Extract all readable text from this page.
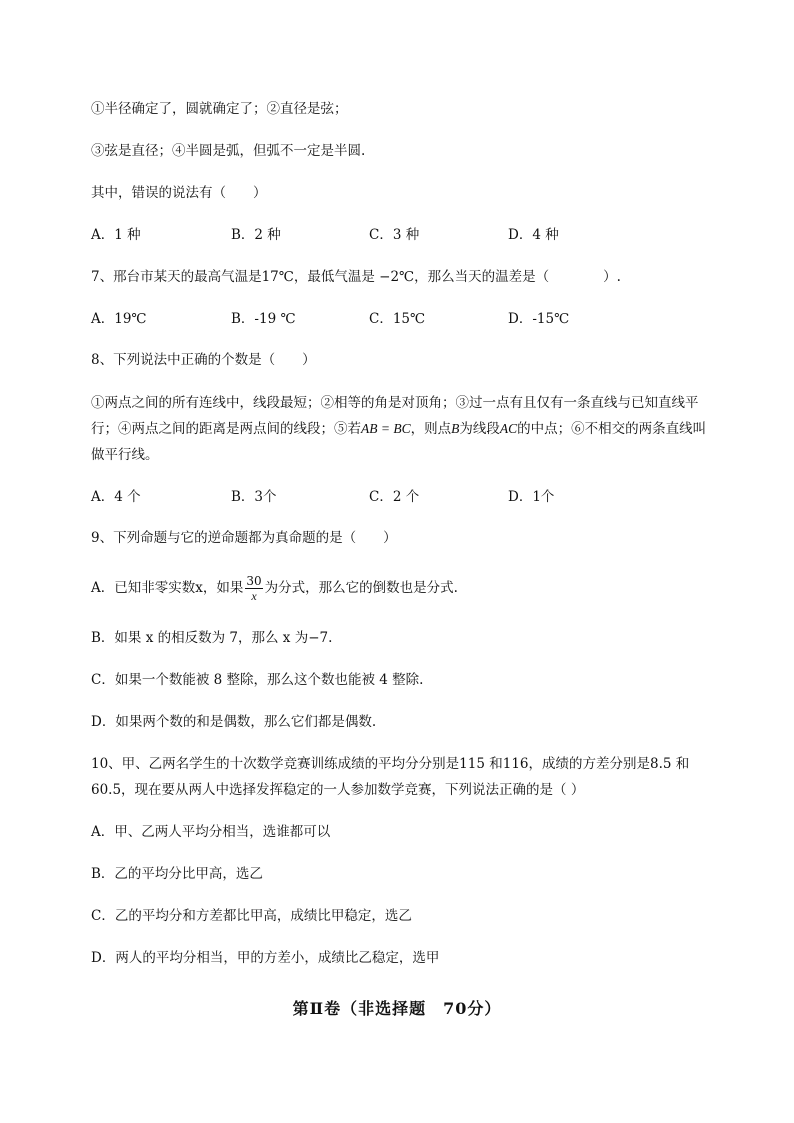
①半径确定了，圆就确定了；②直径是弦；
③弦是直径；④半圆是弧，但弧不一定是半圆.
其中，错误的说法有（　　）
A．1 种	B．2 种	C．3 种	D．4 种
7、邢台市某天的最高气温是17℃，最低气温是 −2℃，那么当天的温差是（　　　　）.
A．19℃	B．-19 ℃	C．15℃	D．-15℃
8、下列说法中正确的个数是（　　）
①两点之间的所有连线中，线段最短；②相等的角是对顶角；③过一点有且仅有一条直线与已知直线平行；④两点之间的距离是两点间的线段；⑤若AB = BC，则点B为线段AC的中点；⑥不相交的两条直线叫做平行线。
A．4 个	B．3个	C．2 个	D．1个
9、下列命题与它的逆命题都为真命题的是（　　）
A．已知非零实数x，如果 $\frac{30}{x}$ 为分式，那么它的倒数也是分式.
B．如果 x 的相反数为 7，那么 x 为−7.
C．如果一个数能被 8 整除，那么这个数也能被 4 整除.
D．如果两个数的和是偶数，那么它们都是偶数.
10、甲、乙两名学生的十次数学竞赛训练成绩的平均分分别是115 和116，成绩的方差分别是8.5 和60.5，现在要从两人中选择发挥稳定的一人参加数学竞赛，下列说法正确的是（ ）
A．甲、乙两人平均分相当，选谁都可以
B．乙的平均分比甲高，选乙
C．乙的平均分和方差都比甲高，成绩比甲稳定，选乙
D．两人的平均分相当，甲的方差小，成绩比乙稳定，选甲
第Ⅱ卷（非选择题　70分）
